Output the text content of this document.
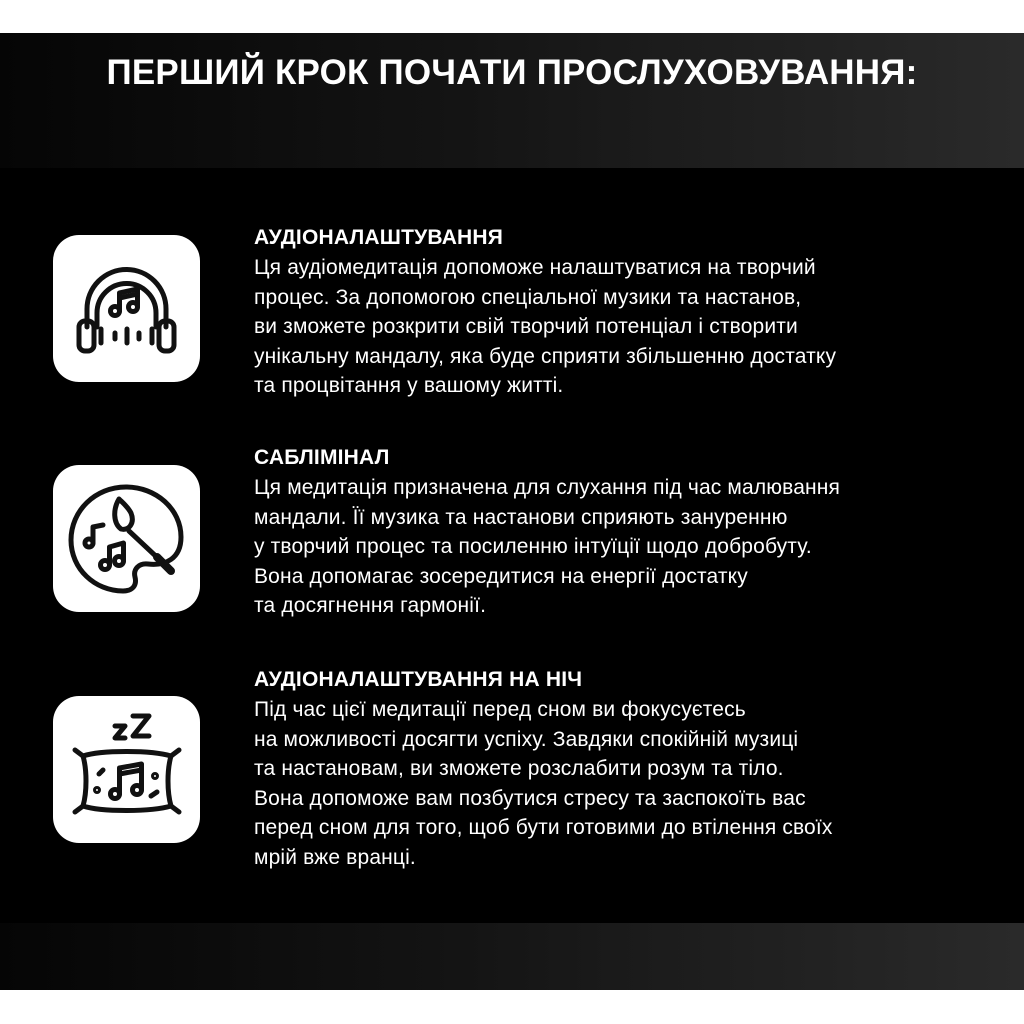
ПЕРШИЙ КРОК ПОЧАТИ ПРОСЛУХОВУВАННЯ:

АУДІОНАЛАШТУВАННЯ

Ця аудіомедитація допоможе налаштуватися на творчий

процес. За допомогою спеціальної музики та настанов,

ви зможете розкрити свій творчий потенціал і створити

унікальну мандалу, яка буде сприяти збільшенню достатку

та процвітання у вашому житті.

САБЛІМІНАЛ

Ця медитація призначена для слухання під час малювання

мандали. Її музика та настанови сприяють зануренню

у творчий процес та посиленню інтуїції щодо добробуту.

Вона допомагає зосередитися на енергії достатку

та досягнення гармонії.

АУДІОНАЛАШТУВАННЯ НА НІЧ

Під час цієї медитації перед сном ви фокусуєтесь

на можливості досягти успіху. Завдяки спокійній музиці

та настановам, ви зможете розслабити розум та тіло.

Вона допоможе вам позбутися стресу та заспокоїть вас

перед сном для того, щоб бути готовими до втілення своїх

мрій вже вранці.
